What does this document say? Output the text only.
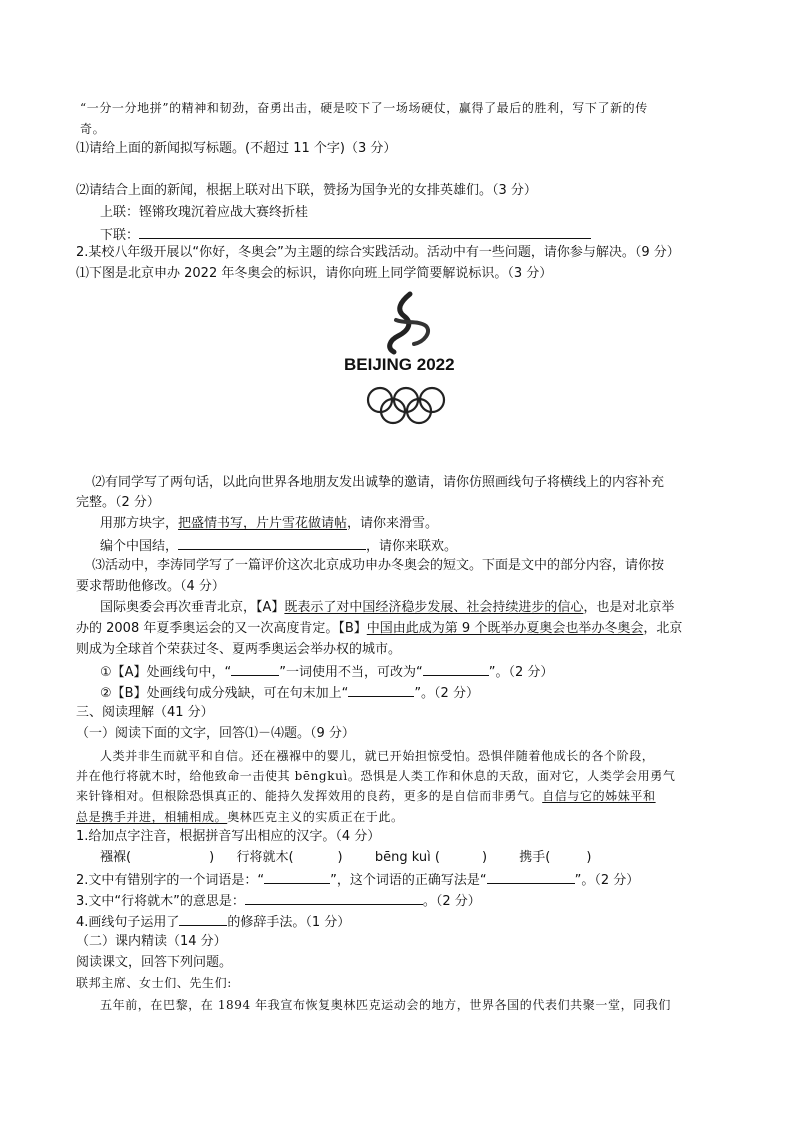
“一分一分地拼”的精神和韧劲，奋勇出击，硬是咬下了一场场硬仗，赢得了最后的胜利，写下了新的传
奇。
⑴请给上面的新闻拟写标题。(不超过 11 个字)（3 分）
⑵请结合上面的新闻，根据上联对出下联，赞扬为国争光的女排英雄们。（3 分）
上联：铿锵玫瑰沉着应战大赛终折桂
下联：
2.某校八年级开展以“你好，冬奥会”为主题的综合实践活动。活动中有一些问题，请你参与解决。（9 分）
⑴下图是北京申办 2022 年冬奥会的标识，请你向班上同学简要解说标识。（3 分）
BEIJING 2022
⑵有同学写了两句话，以此向世界各地朋友发出诚挚的邀请，请你仿照画线句子将横线上的内容补充
完整。（2 分）
用那方块字，把盛情书写，片片雪花做请帖，请你来滑雪。
编个中国结，	，请你来联欢。
⑶活动中，李涛同学写了一篇评价这次北京成功申办冬奥会的短文。下面是文中的部分内容，请你按
要求帮助他修改。（4 分）
国际奥委会再次垂青北京，【A】既表示了对中国经济稳步发展、社会持续进步的信心，也是对北京举
办的 2008 年夏季奥运会的又一次高度肯定。【B】中国由此成为第 9 个既举办夏奥会也举办冬奥会，北京
则成为全球首个荣获过冬、夏两季奥运会举办权的城市。
①【A】处画线句中，“	”一词使用不当，可改为“	”。（2 分）
②【B】处画线句成分残缺，可在句末加上“	”。（2 分）
三、阅读理解（41 分）
（一）阅读下面的文字，回答⑴－⑷题。（9 分）
人类并非生而就平和自信。还在襁褓中的婴儿，就已开始担惊受怕。恐惧伴随着他成长的各个阶段，
并在他行将就木时，给他致命一击使其 bēngkuì。恐惧是人类工作和休息的天敌，面对它，人类学会用勇气
来针锋相对。但根除恐惧真正的、能持久发挥效用的良药，更多的是自信而非勇气。自信与它的姊妹平和
总是携手并进，相辅相成。奥林匹克主义的实质正在于此。
1.给加点字注音，根据拼音写出相应的汉字。（4 分）
襁褓(	) 行将就木(	) bēng kuì (	) 携手(	)
2.文中有错别字的一个词语是：“	”，这个词语的正确写法是“	”。（2 分）
3.文中“行将就木”的意思是：	。（2 分）
4.画线句子运用了	的修辞手法。（1 分）
（二）课内精读（14 分）
阅读课文，回答下列问题。
联邦主席、女士们、先生们:
五年前，在巴黎，在 1894 年我宣布恢复奥林匹克运动会的地方，世界各国的代表们共聚一堂，同我们
